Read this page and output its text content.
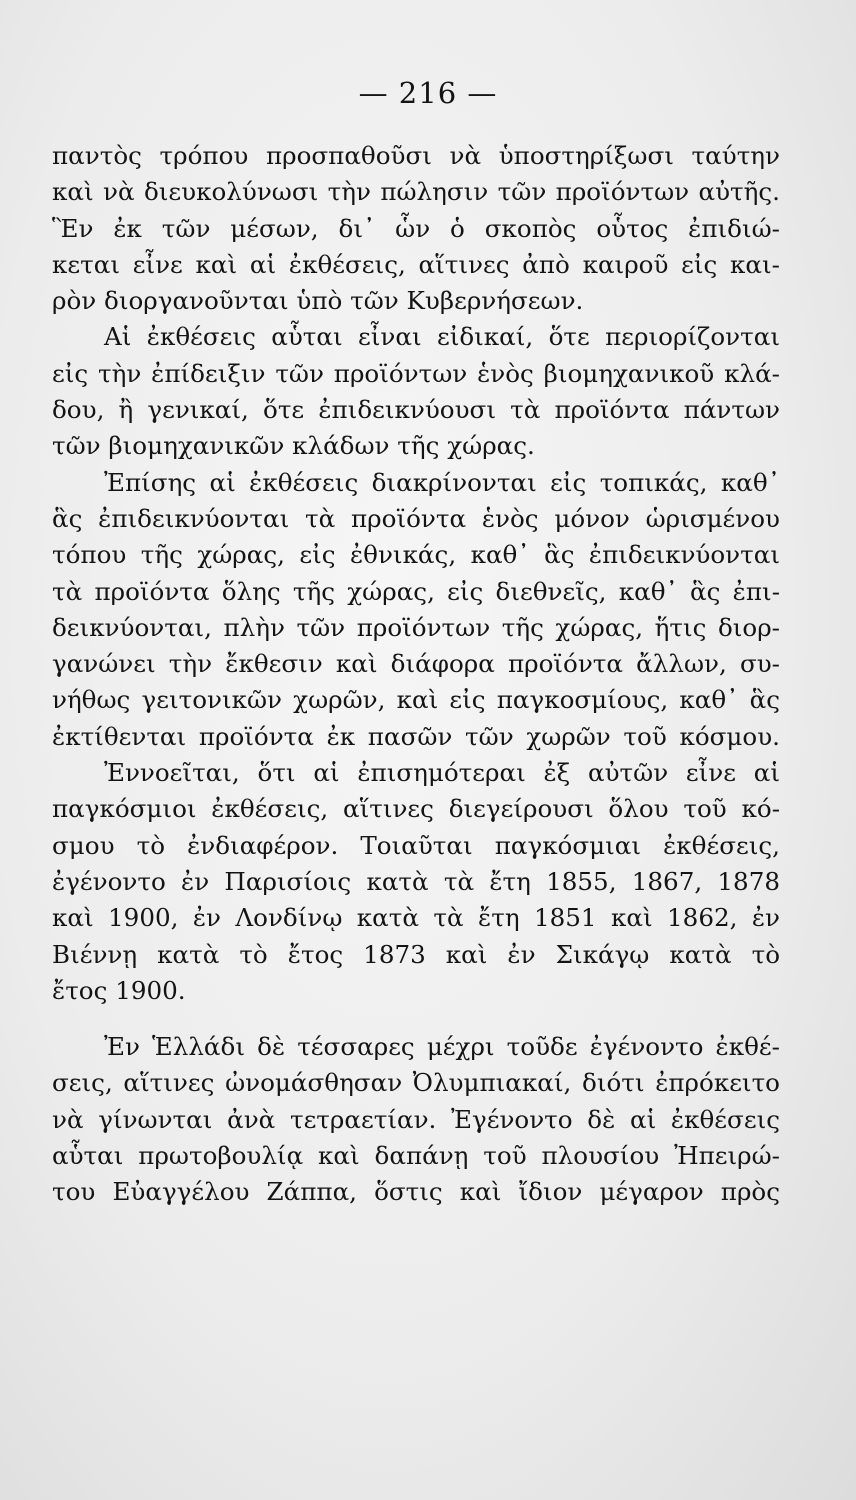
— 216 —
παντὸς τρόπου προσπαθοῦσι νὰ ὑποστηρίξωσι ταύτην
καὶ νὰ διευκολύνωσι τὴν πώλησιν τῶν προϊόντων αὐτῆς.
Ἓν ἐκ τῶν μέσων, δι᾽ ὧν ὁ σκοπὸς οὗτος ἐπιδιώ-
κεται εἶνε καὶ αἱ ἐκθέσεις, αἵτινες ἀπὸ καιροῦ εἰς και-
ρὸν διοργανοῦνται ὑπὸ τῶν Κυβερνήσεων.
Αἱ ἐκθέσεις αὗται εἶναι εἰδικαί, ὅτε περιορίζονται
εἰς τὴν ἐπίδειξιν τῶν προϊόντων ἑνὸς βιομηχανικοῦ κλά-
δου, ἢ γενικαί, ὅτε ἐπιδεικνύουσι τὰ προϊόντα πάντων
τῶν βιομηχανικῶν κλάδων τῆς χώρας.
Ἐπίσης αἱ ἐκθέσεις διακρίνονται εἰς τοπικάς, καθ᾽
ἃς ἐπιδεικνύονται τὰ προϊόντα ἑνὸς μόνον ὡρισμένου
τόπου τῆς χώρας, εἰς ἐθνικάς, καθ᾽ ἃς ἐπιδεικνύονται
τὰ προϊόντα ὅλης τῆς χώρας, εἰς διεθνεῖς, καθ᾽ ἃς ἐπι-
δεικνύονται, πλὴν τῶν προϊόντων τῆς χώρας, ἥτις διορ-
γανώνει τὴν ἔκθεσιν καὶ διάφορα προϊόντα ἄλλων, συ-
νήθως γειτονικῶν χωρῶν, καὶ εἰς παγκοσμίους, καθ᾽ ἃς
ἐκτίθενται προϊόντα ἐκ πασῶν τῶν χωρῶν τοῦ κόσμου.
Ἐννοεῖται, ὅτι αἱ ἐπισημότεραι ἐξ αὐτῶν εἶνε αἱ
παγκόσμιοι ἐκθέσεις, αἵτινες διεγείρουσι ὅλου τοῦ κό-
σμου τὸ ἐνδιαφέρον. Τοιαῦται παγκόσμιαι ἐκθέσεις,
ἐγένοντο ἐν Παρισίοις κατὰ τὰ ἔτη 1855, 1867, 1878
καὶ 1900, ἐν Λονδίνῳ κατὰ τὰ ἔτη 1851 καὶ 1862, ἐν
Βιέννῃ κατὰ τὸ ἔτος 1873 καὶ ἐν Σικάγῳ κατὰ τὸ
ἔτος 1900.
Ἐν Ἑλλάδι δὲ τέσσαρες μέχρι τοῦδε ἐγένοντο ἐκθέ-
σεις, αἵτινες ὠνομάσθησαν Ὀλυμπιακαί, διότι ἐπρόκειτο
νὰ γίνωνται ἀνὰ τετραετίαν. Ἐγένοντο δὲ αἱ ἐκθέσεις
αὗται πρωτοβουλίᾳ καὶ δαπάνῃ τοῦ πλουσίου Ἠπειρώ-
του Εὐαγγέλου Ζάππα, ὅστις καὶ ἴδιον μέγαρον πρὸς
